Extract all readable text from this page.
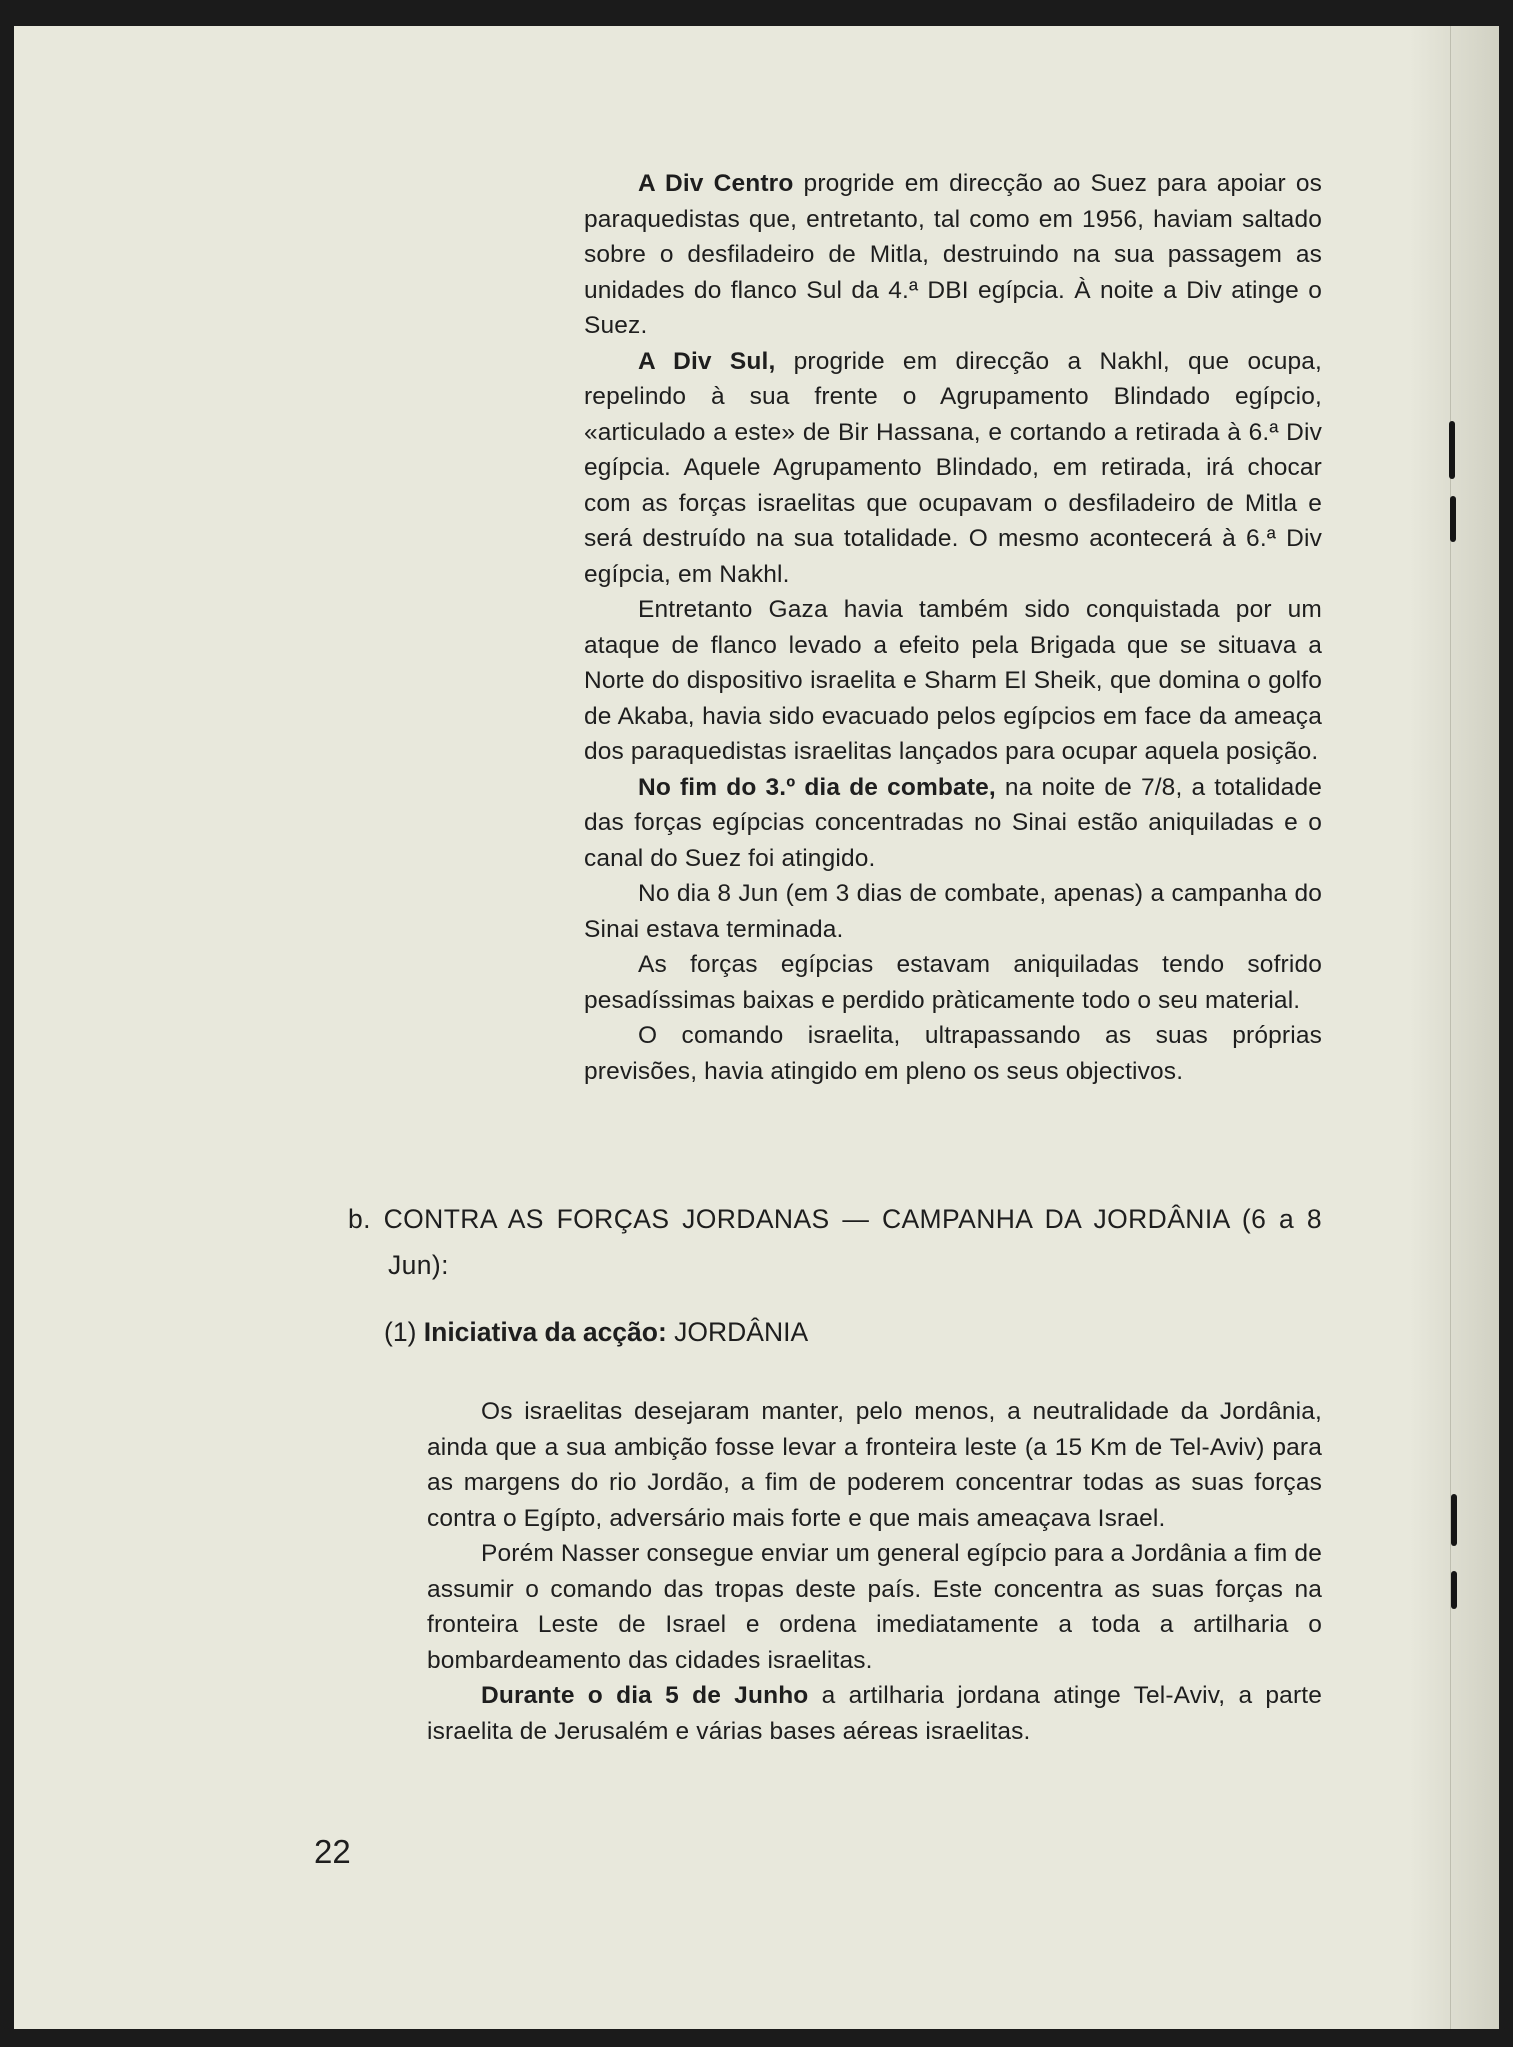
A Div Centro progride em direcção ao Suez para apoiar os paraquedistas que, entretanto, tal como em 1956, haviam saltado sobre o desfiladeiro de Mitla, destruindo na sua passagem as unidades do flanco Sul da 4.ª DBI egípcia. À noite a Div atinge o Suez.

A Div Sul, progride em direcção a Nakhl, que ocupa, repelindo à sua frente o Agrupamento Blindado egípcio, «articulado a este» de Bir Hassana, e cortando a retirada à 6.ª Div egípcia. Aquele Agrupamento Blindado, em retirada, irá chocar com as forças israelitas que ocupavam o desfiladeiro de Mitla e será destruído na sua totalidade. O mesmo acontecerá à 6.ª Div egípcia, em Nakhl.

Entretanto Gaza havia também sido conquistada por um ataque de flanco levado a efeito pela Brigada que se situava a Norte do dispositivo israelita e Sharm El Sheik, que domina o golfo de Akaba, havia sido evacuado pelos egípcios em face da ameaça dos paraquedistas israelitas lançados para ocupar aquela posição.

No fim do 3.º dia de combate, na noite de 7/8, a totalidade das forças egípcias concentradas no Sinai estão aniquiladas e o canal do Suez foi atingido.

No dia 8 Jun (em 3 dias de combate, apenas) a campanha do Sinai estava terminada.

As forças egípcias estavam aniquiladas tendo sofrido pesadíssimas baixas e perdido pràticamente todo o seu material.

O comando israelita, ultrapassando as suas próprias previsões, havia atingido em pleno os seus objectivos.

b. CONTRA AS FORÇAS JORDANAS — CAMPANHA DA JORDÂNIA (6 a 8 Jun):

(1) Iniciativa da acção: JORDÂNIA

Os israelitas desejaram manter, pelo menos, a neutralidade da Jordânia, ainda que a sua ambição fosse levar a fronteira leste (a 15 Km de Tel-Aviv) para as margens do rio Jordão, a fim de poderem concentrar todas as suas forças contra o Egípto, adversário mais forte e que mais ameaçava Israel.

Porém Nasser consegue enviar um general egípcio para a Jordânia a fim de assumir o comando das tropas deste país. Este concentra as suas forças na fronteira Leste de Israel e ordena imediatamente a toda a artilharia o bombardeamento das cidades israelitas.

Durante o dia 5 de Junho a artilharia jordana atinge Tel-Aviv, a parte israelita de Jerusalém e várias bases aéreas israelitas.

22
